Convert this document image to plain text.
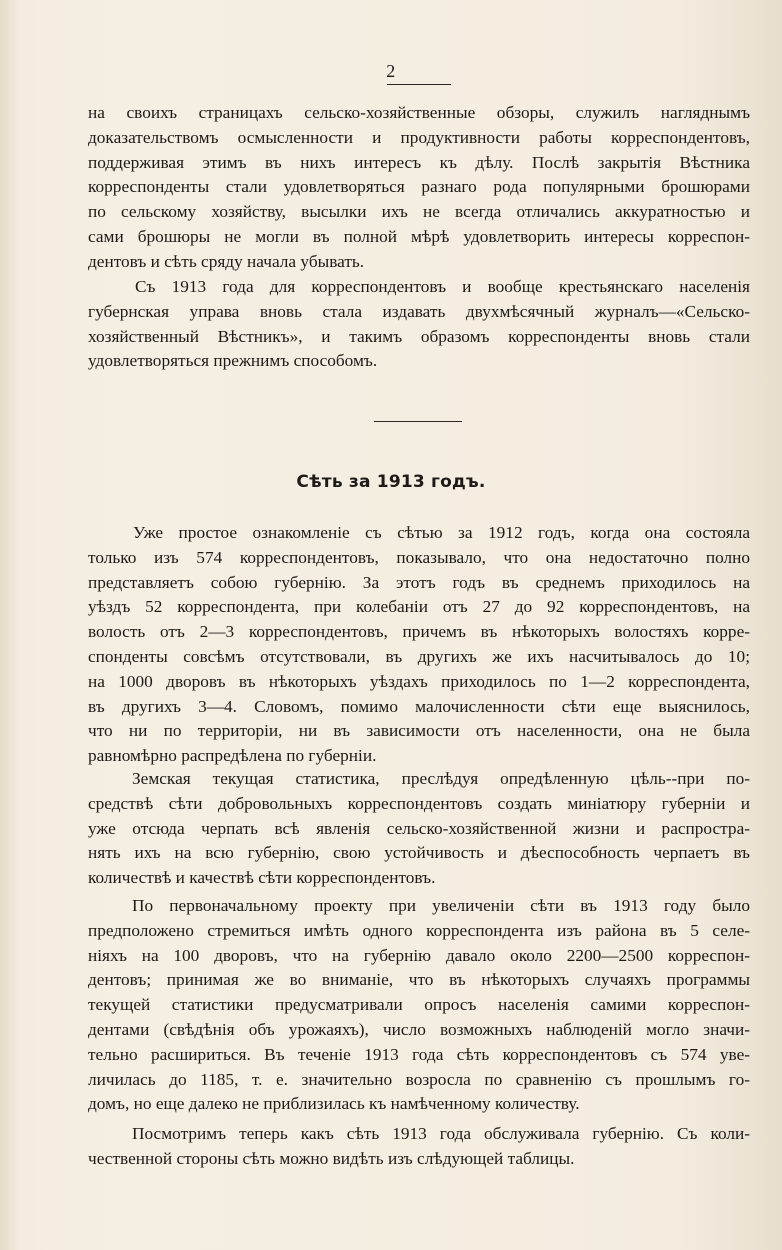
2

на своихъ страницахъ сельско-хозяйственные обзоры, служилъ нагляднымъ
доказательствомъ осмысленности и продуктивности работы корреспондентовъ,
поддерживая этимъ въ нихъ интересъ къ дѣлу. Послѣ закрытія Вѣстника
корреспонденты стали удовлетворяться разнаго рода популярными брошюрами
по сельскому хозяйству, высылки ихъ не всегда отличались аккуратностью и
сами брошюры не могли въ полной мѣрѣ удовлетворить интересы корреспон-
дентовъ и сѣть сряду начала убывать.

Съ 1913 года для корреспондентовъ и вообще крестьянскаго населенія
губернская управа вновь стала издавать двухмѣсячный журналъ—«Сельско-
хозяйственный Вѣстникъ», и такимъ образомъ корреспонденты вновь стали
удовлетворяться прежнимъ способомъ.

Сѣть за 1913 годъ.

Уже простое ознакомленіе съ сѣтью за 1912 годъ, когда она состояла
только изъ 574 корреспондентовъ, показывало, что она недостаточно полно
представляетъ собою губернію. За этотъ годъ въ среднемъ приходилось на
уѣздъ 52 корреспондента, при колебаніи отъ 27 до 92 корреспондентовъ, на
волость отъ 2—3 корреспондентовъ, причемъ въ нѣкоторыхъ волостяхъ корре-
спонденты совсѣмъ отсутствовали, въ другихъ же ихъ насчитывалось до 10;
на 1000 дворовъ въ нѣкоторыхъ уѣздахъ приходилось по 1—2 корреспондента,
въ другихъ 3—4. Словомъ, помимо малочисленности сѣти еще выяснилось,
что ни по территоріи, ни въ зависимости отъ населенности, она не была
равномѣрно распредѣлена по губерніи.

Земская текущая статистика, преслѣдуя опредѣленную цѣль--при по-
средствѣ сѣти добровольныхъ корреспондентовъ создать миніатюру губерніи и
уже отсюда черпать всѣ явленія сельско-хозяйственной жизни и распростра-
нять ихъ на всю губернію, свою устойчивость и дѣеспособность черпаетъ въ
количествѣ и качествѣ сѣти корреспондентовъ.

По первоначальному проекту при увеличеніи сѣти въ 1913 году было
предположено стремиться имѣть одного корреспондента изъ района въ 5 селе-
ніяхъ на 100 дворовъ, что на губернію давало около 2200—2500 корреспон-
дентовъ; принимая же во вниманіе, что въ нѣкоторыхъ случаяхъ программы
текущей статистики предусматривали опросъ населенія самими корреспон-
дентами (свѣдѣнія объ урожаяхъ), число возможныхъ наблюденій могло значи-
тельно расшириться. Въ теченіе 1913 года сѣть корреспондентовъ съ 574 уве-
личилась до 1185, т. е. значительно возросла по сравненію съ прошлымъ го-
домъ, но еще далеко не приблизилась къ намѣченному количеству.

Посмотримъ теперь какъ сѣть 1913 года обслуживала губернію. Съ коли-
чественной стороны сѣть можно видѣть изъ слѣдующей таблицы.
